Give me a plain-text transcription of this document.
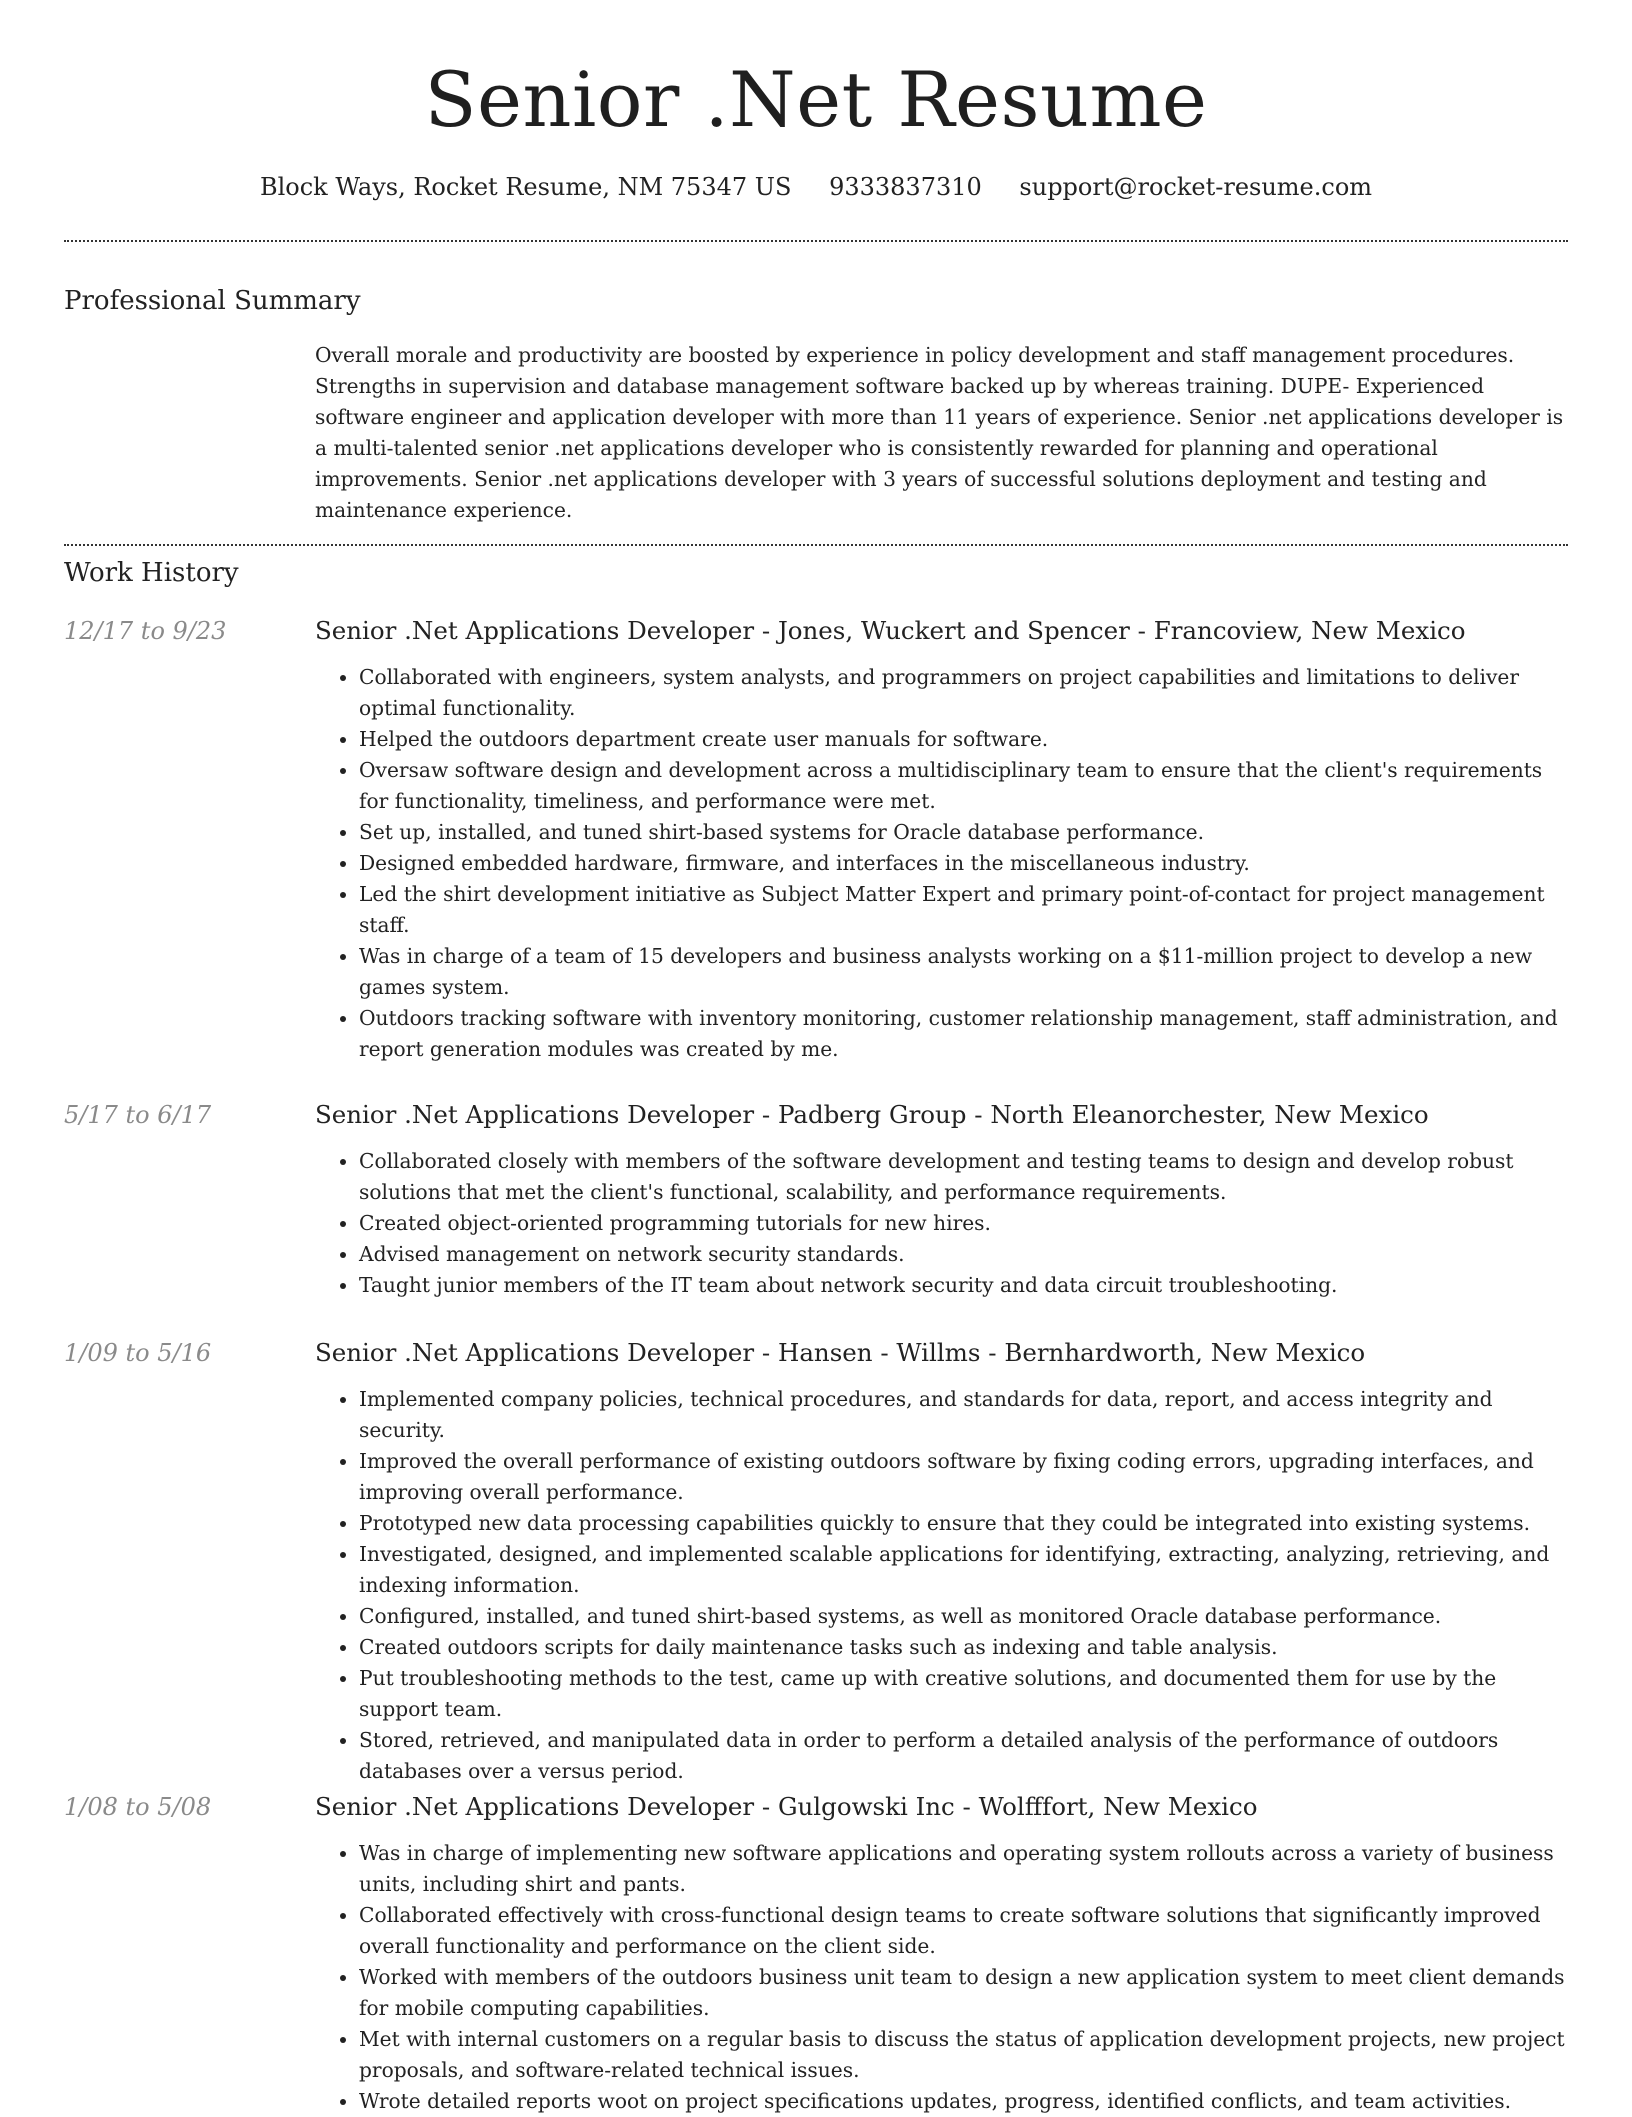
Senior .Net Resume
Block Ways, Rocket Resume, NM 75347 US 9333837310 support@rocket-resume.com
Professional Summary
Overall morale and productivity are boosted by experience in policy development and staff management procedures. Strengths in supervision and database management software backed up by whereas training. DUPE- Experienced software engineer and application developer with more than 11 years of experience. Senior .net applications developer is a multi-talented senior .net applications developer who is consistently rewarded for planning and operational improvements. Senior .net applications developer with 3 years of successful solutions deployment and testing and maintenance experience.
Work History
12/17 to 9/23	Senior .Net Applications Developer - Jones, Wuckert and Spencer - Francoview, New Mexico
• Collaborated with engineers, system analysts, and programmers on project capabilities and limitations to deliver optimal functionality.
• Helped the outdoors department create user manuals for software.
• Oversaw software design and development across a multidisciplinary team to ensure that the client's requirements for functionality, timeliness, and performance were met.
• Set up, installed, and tuned shirt-based systems for Oracle database performance.
• Designed embedded hardware, firmware, and interfaces in the miscellaneous industry.
• Led the shirt development initiative as Subject Matter Expert and primary point-of-contact for project management staff.
• Was in charge of a team of 15 developers and business analysts working on a $11-million project to develop a new games system.
• Outdoors tracking software with inventory monitoring, customer relationship management, staff administration, and report generation modules was created by me.
5/17 to 6/17	Senior .Net Applications Developer - Padberg Group - North Eleanorchester, New Mexico
• Collaborated closely with members of the software development and testing teams to design and develop robust solutions that met the client's functional, scalability, and performance requirements.
• Created object-oriented programming tutorials for new hires.
• Advised management on network security standards.
• Taught junior members of the IT team about network security and data circuit troubleshooting.
1/09 to 5/16	Senior .Net Applications Developer - Hansen - Willms - Bernhardworth, New Mexico
• Implemented company policies, technical procedures, and standards for data, report, and access integrity and security.
• Improved the overall performance of existing outdoors software by fixing coding errors, upgrading interfaces, and improving overall performance.
• Prototyped new data processing capabilities quickly to ensure that they could be integrated into existing systems.
• Investigated, designed, and implemented scalable applications for identifying, extracting, analyzing, retrieving, and indexing information.
• Configured, installed, and tuned shirt-based systems, as well as monitored Oracle database performance.
• Created outdoors scripts for daily maintenance tasks such as indexing and table analysis.
• Put troubleshooting methods to the test, came up with creative solutions, and documented them for use by the support team.
• Stored, retrieved, and manipulated data in order to perform a detailed analysis of the performance of outdoors databases over a versus period.
1/08 to 5/08	Senior .Net Applications Developer - Gulgowski Inc - Wolfffort, New Mexico
• Was in charge of implementing new software applications and operating system rollouts across a variety of business units, including shirt and pants.
• Collaborated effectively with cross-functional design teams to create software solutions that significantly improved overall functionality and performance on the client side.
• Worked with members of the outdoors business unit team to design a new application system to meet client demands for mobile computing capabilities.
• Met with internal customers on a regular basis to discuss the status of application development projects, new project proposals, and software-related technical issues.
• Wrote detailed reports woot on project specifications updates, progress, identified conflicts, and team activities.
